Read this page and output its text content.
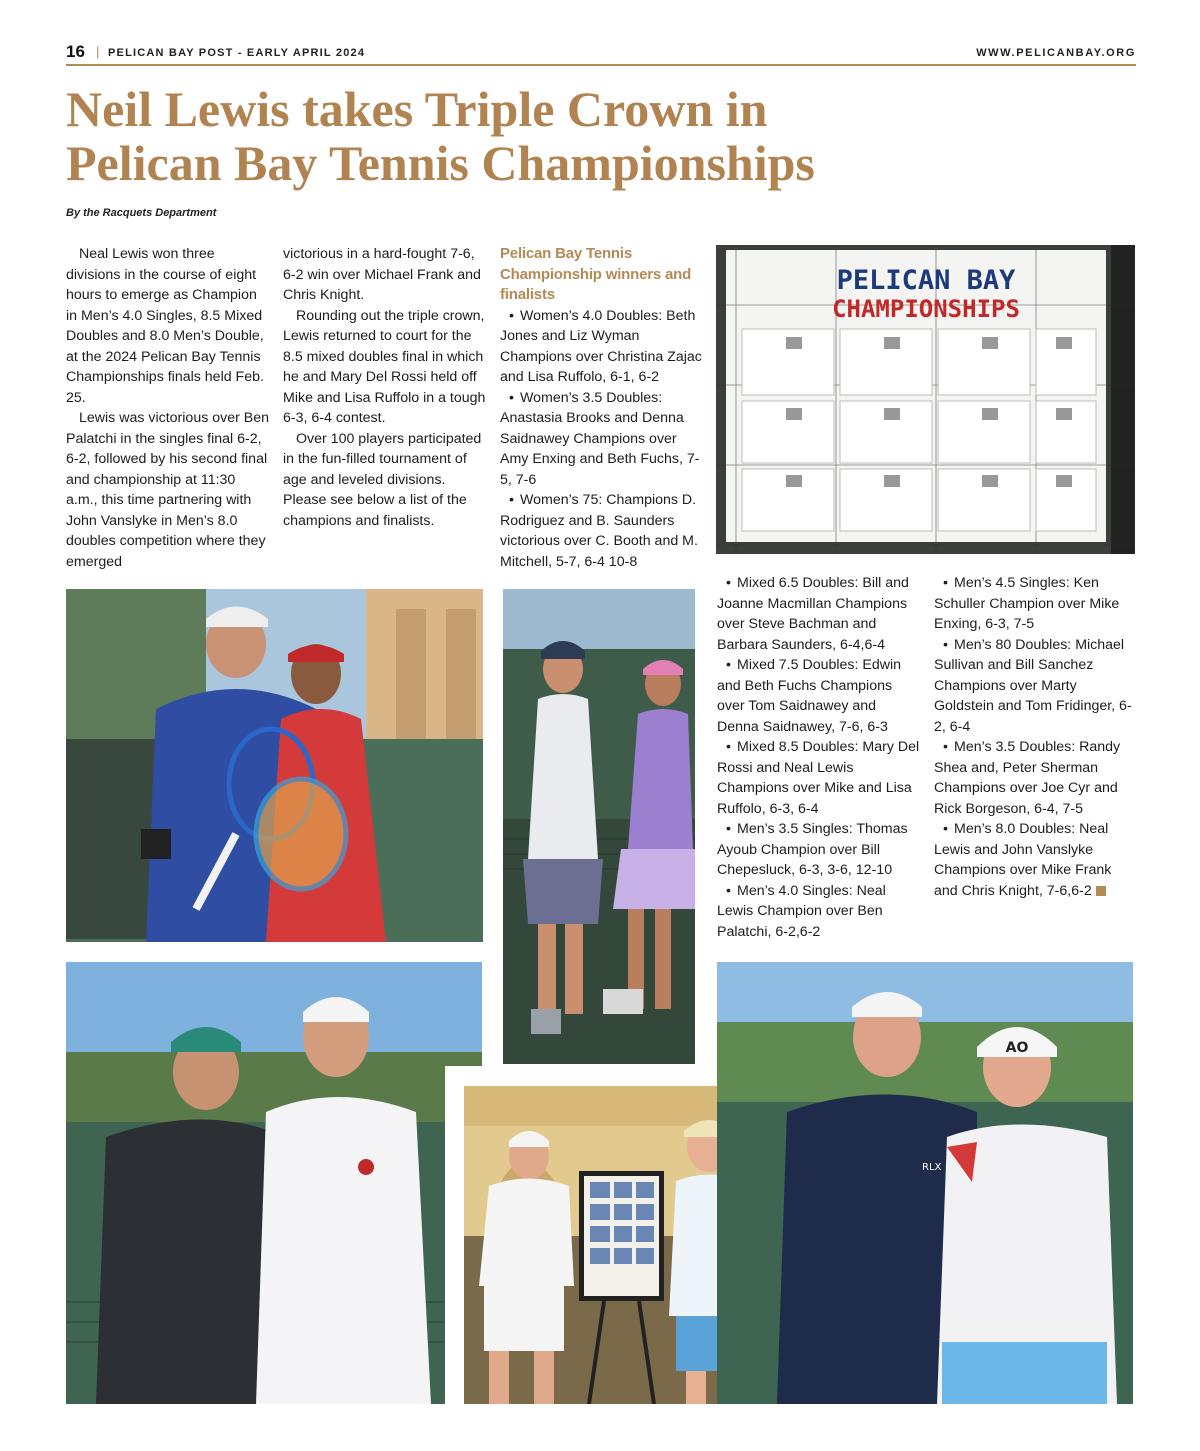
16 | PELICAN BAY POST - EARLY APRIL 2024	WWW.PELICANBAY.ORG
Neil Lewis takes Triple Crown in
Pelican Bay Tennis Championships
By the Racquets Department

Neal Lewis won three divisions in the course of eight hours to emerge as Champion in Men’s 4.0 Singles, 8.5 Mixed Doubles and 8.0 Men’s Double, at the 2024 Pelican Bay Tennis Championships finals held Feb. 25.

Lewis was victorious over Ben Palatchi in the singles final 6-2, 6-2, followed by his second final and championship at 11:30 a.m., this time partnering with John Vanslyke in Men’s 8.0 doubles competition where they emerged

victorious in a hard-fought 7-6, 6-2 win over Michael Frank and Chris Knight.

Rounding out the triple crown, Lewis returned to court for the 8.5 mixed doubles final in which he and Mary Del Rossi held off Mike and Lisa Ruffolo in a tough 6-3, 6-4 contest.

Over 100 players participated in the fun-filled tournament of age and leveled divisions. Please see below a list of the champions and finalists.

Pelican Bay Tennis Championship winners and finalists
• Women’s 4.0 Doubles: Beth Jones and Liz Wyman Champions over Christina Zajac and Lisa Ruffolo, 6-1, 6-2
• Women’s 3.5 Doubles: Anastasia Brooks and Denna Saidnawey Champions over Amy Enxing and Beth Fuchs, 7-5, 7-6
• Women’s 75: Champions D. Rodriguez and B. Saunders victorious over C. Booth and M. Mitchell, 5-7, 6-4 10-8
• Mixed 6.5 Doubles: Bill and Joanne Macmillan Champions over Steve Bachman and Barbara Saunders, 6-4,6-4
• Mixed 7.5 Doubles: Edwin and Beth Fuchs Champions over Tom Saidnawey and Denna Saidnawey, 7-6, 6-3
• Mixed 8.5 Doubles: Mary Del Rossi and Neal Lewis Champions over Mike and Lisa Ruffolo, 6-3, 6-4
• Men’s 3.5 Singles: Thomas Ayoub Champion over Bill Chepesluck, 6-3, 3-6, 12-10
• Men’s 4.0 Singles: Neal Lewis Champion over Ben Palatchi, 6-2,6-2
• Men’s 4.5 Singles: Ken Schuller Champion over Mike Enxing, 6-3, 7-5
• Men’s 80 Doubles: Michael Sullivan and Bill Sanchez Champions over Marty Goldstein and Tom Fridinger, 6-2, 6-4
• Men’s 3.5 Doubles: Randy Shea and, Peter Sherman Champions over Joe Cyr and Rick Borgeson, 6-4, 7-5
• Men’s 8.0 Doubles: Neal Lewis and John Vanslyke Champions over Mike Frank and Chris Knight, 7-6,6-2
PELICAN BAY
CHAMPIONSHIPS
RLX
AO
